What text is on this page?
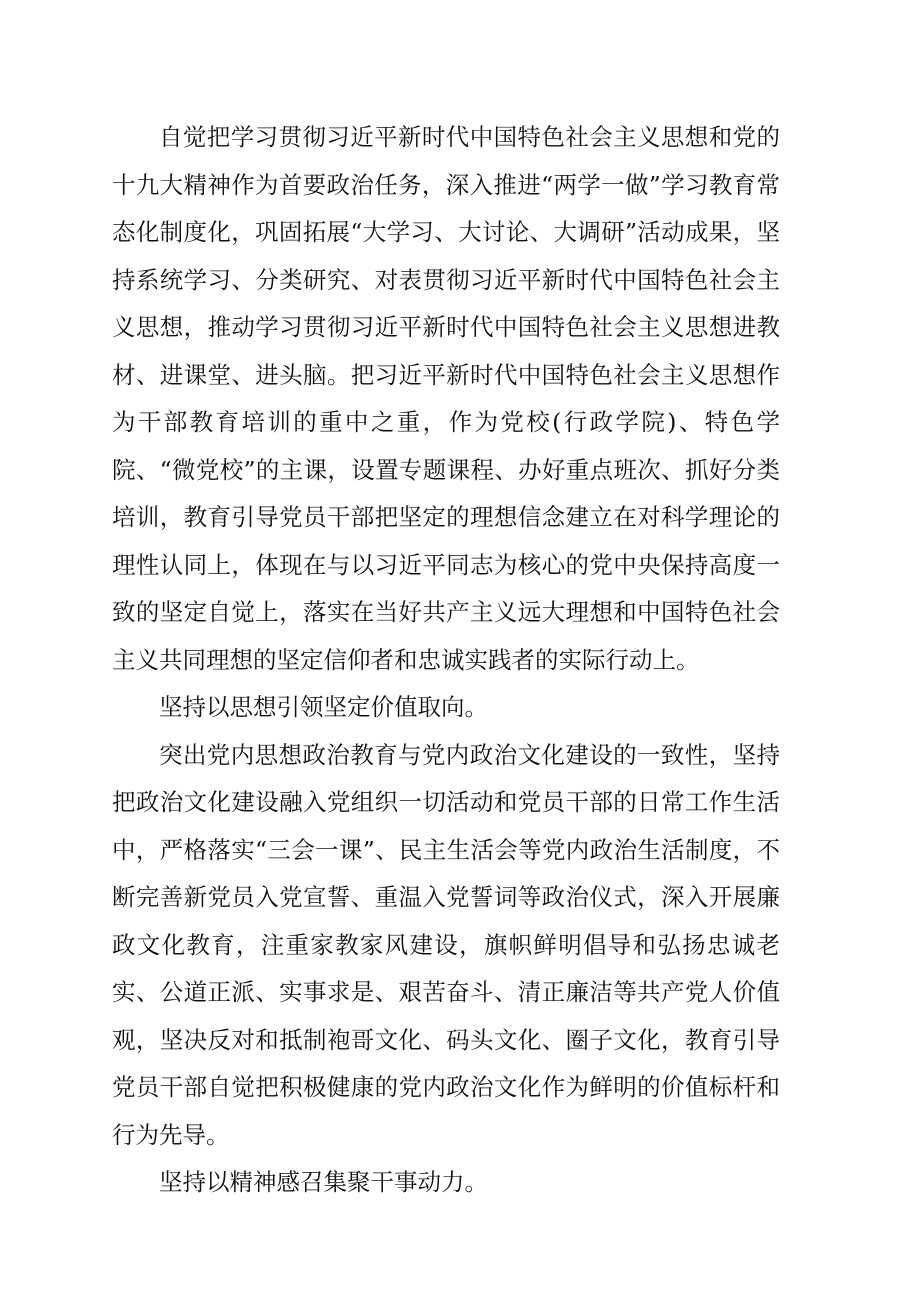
自觉把学习贯彻习近平新时代中国特色社会主义思想和党的十九大精神作为首要政治任务，深入推进“两学一做”学习教育常态化制度化，巩固拓展“大学习、大讨论、大调研”活动成果，坚持系统学习、分类研究、对表贯彻习近平新时代中国特色社会主义思想，推动学习贯彻习近平新时代中国特色社会主义思想进教材、进课堂、进头脑。把习近平新时代中国特色社会主义思想作为干部教育培训的重中之重，作为党校(行政学院)、特色学院、“微党校”的主课，设置专题课程、办好重点班次、抓好分类培训，教育引导党员干部把坚定的理想信念建立在对科学理论的理性认同上，体现在与以习近平同志为核心的党中央保持高度一致的坚定自觉上，落实在当好共产主义远大理想和中国特色社会主义共同理想的坚定信仰者和忠诚实践者的实际行动上。

坚持以思想引领坚定价值取向。

突出党内思想政治教育与党内政治文化建设的一致性，坚持把政治文化建设融入党组织一切活动和党员干部的日常工作生活中，严格落实“三会一课”、民主生活会等党内政治生活制度，不断完善新党员入党宣誓、重温入党誓词等政治仪式，深入开展廉政文化教育，注重家教家风建设，旗帜鲜明倡导和弘扬忠诚老实、公道正派、实事求是、艰苦奋斗、清正廉洁等共产党人价值观，坚决反对和抵制袍哥文化、码头文化、圈子文化，教育引导党员干部自觉把积极健康的党内政治文化作为鲜明的价值标杆和行为先导。

坚持以精神感召集聚干事动力。
